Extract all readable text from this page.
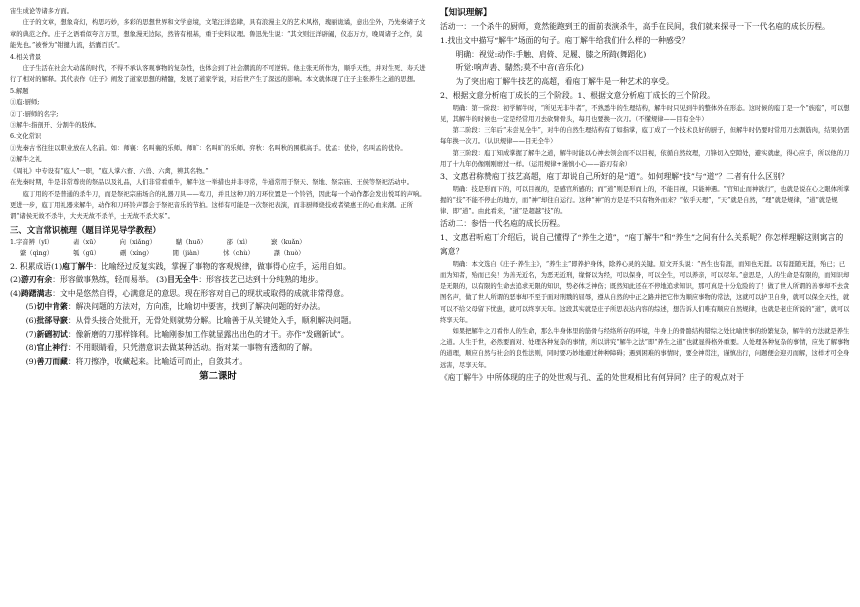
宙生成论等诸多方面。

庄子的文章，想象奇幻，构思巧妙，多彩的思想世界和文学意境，文笔汪洋恣肆，具有浪漫主义的艺术风格，瑰丽诡谲，意出尘外，乃先秦诸子文章的典范之作。庄子之语看似夸言万里，想象漫无边际，然皆有根基，重于史料议理。鲁迅先生说：“其文则汪洋辟阖，仪态万方，晚周诸子之作，莫能先也。”被誉为“钳揵九流，括囊百氏”。

4.相关背景

庄子生活在社会大动荡的时代，不得不承认客观事物的复杂性，也体会到了社会潮流的不可逆转。他主张无所作为，顺乎天性，并对生死、寿夭进行了相对的解释。其代表作《庄子》阐发了道家思想的精髓，发展了道家学说，对后世产生了深远的影响。本文就体现了庄子主张养生之道的思想。

5.解题

①庖:厨师;

②丁:厨师的名字;

③解牛:指剖开、分割牛的肢体。

6.文化常识

①先秦古书往往以职业放在人名前。如：师襄：名叫襄的乐师。师旷：名叫旷的乐师。弈秋：名叫秋的围棋高手。优孟：优伶，名叫孟的优伶。

②解牛之礼

《周礼》中专设有“庖人”一职，“庖人掌六畜、六兽、六禽，辨其名物。”

在先秦时期，牛是非常尊贵的祭品以及礼品，人们非常看重牛，解牛这一举措也并非寻常，牛通常用于祭天、祭地、祭宗庙、王侯等祭祀活动中。

庖丁用的不是普通的杀牛刀，而是祭祀宗庙场合的礼器刀具——鸾刀，并且这种刀的刀环位置是一个铃铛，因此每一个动作都会发出悦耳的声响。更进一步，庖丁用礼器来解牛，动作和刀环铃声都会于祭祀音乐的节拍。这样有可能是一次祭祀表演，而非厨师烧技或者梁惠王的心血来潮。正所谓“诸侯无故不杀牛，大夫无故不杀羊，士无故不杀犬豕”。

三、文言常识梳理（题目详见导学教程）

1.字音辨（yī）	砉（xū）	向（xiǎng）	騞（huō）	郤（xì）	窾（kuǎn）
綮（qìng）	瓠（gū）	硎（xíng）	閒（jiàn）	怵（chù）	謋（huò）

2. 积累成语(1)庖丁解牛：比喻经过反复实践，掌握了事物的客观规律，做事得心应手，运用自如。

(2)游刃有余：形容做事熟练，轻而易举。 (3)目无全牛：形容技艺已达到十分纯熟的地步。

(4)踌躇满志：文中是悠然自得，心满意足的意思。现在形容对自己的现状或取得的成就非常得意。

(5)切中肯綮：解决问题的方法对，方向准，比喻切中要害，找到了解决问题的好办法。

(6)批郤导窾：从骨头接合处批开，无骨处则就势分解。比喻善于从关键处入手，顺利解决问题。

(7)新硎初试：像新磨的刀那样锋利。比喻刚参加工作就显露出出色的才干。亦作“发硎新试”。

(8)官止神行：不用眼睛看，只凭潜意识去做某种活动。指对某一事物有透彻的了解。

(9)善刀而藏：将刀擦净，收藏起来。比喻适可而止，自敛其才。

第二课时

【知识理解】

活动一：一个杀牛的厨师，竟然能跑到王的面前表演杀牛，高手在民间，我们就来探寻一下一代名庖的成长历程。

1.找出文中描写“解牛”场面的句子。庖丁解牛给我们什么样的一种感受？

明确：视觉:动作:手触、肩倚、足履、膝之所踦(舞蹈化)

听觉:响声砉、騞然;莫不中音(音乐化)

为了突出庖丁解牛技艺的高超，看庖丁解牛是一种艺术的享受。

2、根据文意分析庖丁成长的三个阶段。1、根据文意分析庖丁成长的三个阶段。

明确：第一阶段：初学解牛时，“所见无非牛者”，不熟悉牛的生理结构，解牛时只见到牛的整体外在形态。这时候的庖丁是一个“族庖”，可以想见，其解牛的时候也一定是经常用刀去砍臂骨头，每月也要换一次刀。（不懂规律——目有全牛）

第二阶段：三年后“未尝见全牛”，对牛的自然生理结构有了如指掌，庖丁成了一个技术良好的厨子，但解牛时仍要时常用刀去割筋肉，结果仍需每年换一次刀。（认识规律——目无全牛）

第三阶段：庖丁知成掌握了解牛之道，解牛时能以心神去领会而不以目视，依循自然纹理，刀锋切入空隙处，避实就虚，得心应手，所以他的刀用了十九年仍像刚刚磨过一样。（运用规律+谨慎小心——游刃有余）

3、文惠君称赞庖丁技艺高超，庖丁却说自己所好的是“道”。如何理解“技”与“道”？二者有什么区别？

明确：技是形而下的，可以目视的，是感官所感的；而“道”则是形而上的，不能目视，只能神遇。“官知止而神欲行”，也就是说在心之眼体所掌握的“技”不能不停止的地方，而“神”却往自运行。这种“神”的方是足不只有物外而来？“依乎天理”，“天”就是自然，“理”就是规律，“道”就是规律、即“道”。由此看来，“道”是超越“技”的。

活动二：参悟一代名庖的成长历程。

1、文惠君听庖丁介绍后，说自己懂得了“养生之道”，“庖丁解牛”和“养生”之间有什么关系呢？你怎样理解这则寓言的寓意？

明确：本文选自《庄子·养生主》，“养生主”即养护身体，除养心灵的关键。原文开头说：“吾生也有涯，而知也无涯。以有涯随无涯，殆已；已而为知者，殆而已矣！为善无近名，为恶无近刑，缘督以为经，可以保身，可以全生，可以养亲，可以尽年。”意思是，人的生命是有限的，而知识却是无限的，以有限的生命去追求无限的知识，势必体乏神伤；既然知此还在不停地追求知识，那可真是十分危险的了！做了世人所谓的善事却不去贪图名声，做了世人所谓的恶事却不至于面对刑戮的屈辱，遵从自然的中正之路并把它作为顺应事物的常法，这就可以护卫自身，就可以保全天性，就可以不给父母留下忧患，就可以终享天年。这段其实就是庄子所思表达内容的综述，想告诉人们唯有顺应自然规律，也就是老庄所说的“道”，就可以终享天年。

如果把解牛之刀看作人的生命，那么牛身体里的筋骨与经络所存的环境，牛身上的骨骼结构错综之处比喻世事的纷繁复杂，解牛的方法就是养生之道。人生于世，必然要面对、处理各种复杂的事情，所以讲究“解牛之法”即“养生之道”也就显得格外重要。人处理各种复杂的事情，应先了解事物的道理，顺应自然与社会的良性法则，同时要巧妙地避过种种障碍；遇到困难的事情时，要全神贯注，谨慎出行，问题便会迎刃而解，这样才可全身远害，尽享天年。

《庖丁解牛》中所体现的庄子的处世观与孔、孟的处世观相比有何异同？庄子的观点对于
